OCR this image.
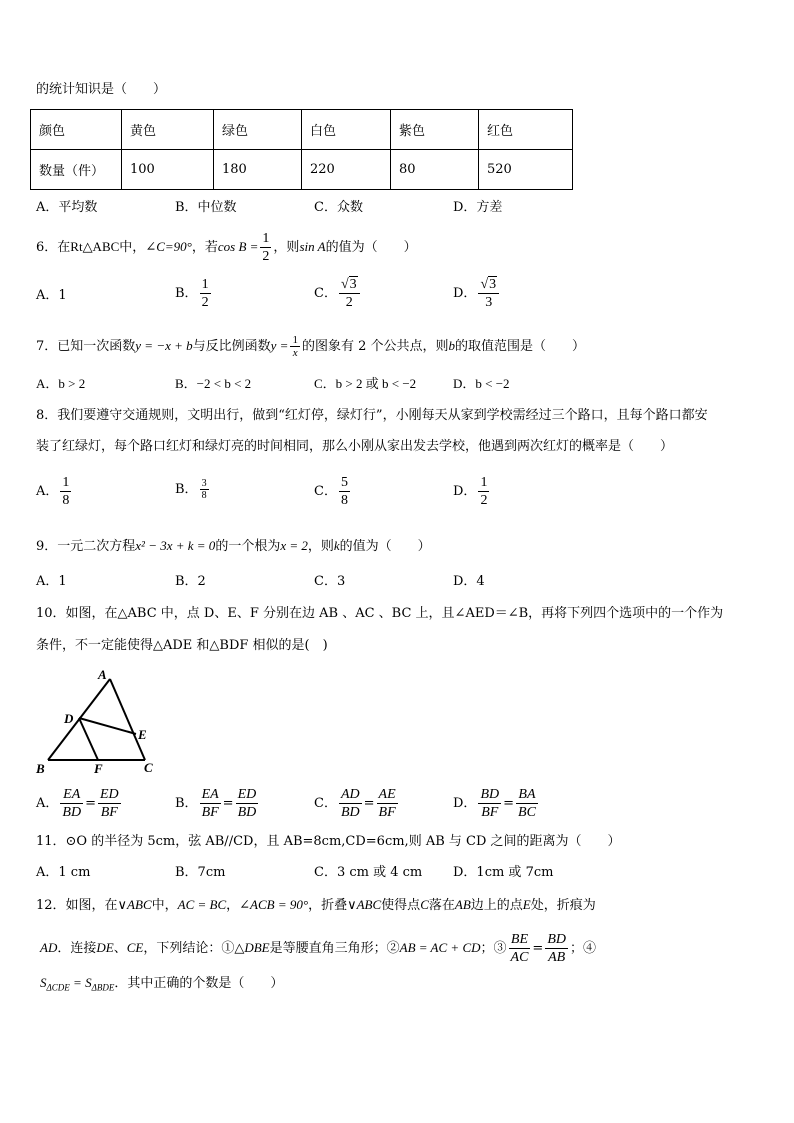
的统计知识是（　　）
颜色	黄色	绿色	白色	紫色	红色
数量（件）	100	180	220	80	520
A．平均数	B．中位数	C．众数	D．方差
6．在Rt△ABC中，∠C=90°，若$\cos B = \frac{1}{2}$ ，则sin A的值为（　　）
A．1	B． $\frac{1}{2}$	C． $\frac{√3}{2}$	D． $\frac{√3}{3}$
7．已知一次函数y = −x + b与反比例函数$y = \frac{1}{x}$ 的图象有 2 个公共点，则b的取值范围是（　　）
A．b > 2	B．−2 < b < 2	C．b > 2 或 b < −2	D．b < −2
8．我们要遵守交通规则，文明出行，做到“红灯停，绿灯行”，小刚每天从家到学校需经过三个路口，且每个路口都安
装了红绿灯，每个路口红灯和绿灯亮的时间相同，那么小刚从家出发去学校，他遇到两次红灯的概率是（　　）
A． $\frac{1}{8}$	B． $\frac{3}{8}$	C． $\frac{5}{8}$	D． $\frac{1}{2}$
9．一元二次方程x² − 3x + k = 0的一个根为x = 2，则k的值为（　　）
A．1	B．2	C．3	D．4
10．如图，在△ABC 中，点 D、E、F 分别在边 AB 、AC 、BC 上，且∠AED＝∠B，再将下列四个选项中的一个作为
条件，不一定能使得△ADE 和△BDF 相似的是(　)
A
D
E
B	F	C
A． $\frac{EA}{BD} = \frac{ED}{BF}$	B． $\frac{EA}{BF} = \frac{ED}{BD}$	C． $\frac{AD}{BD} = \frac{AE}{BF}$	D． $\frac{BD}{BF} = \frac{BA}{BC}$
11．⊙O 的半径为 5cm，弦 AB//CD，且 AB=8cm,CD=6cm,则 AB 与 CD 之间的距离为（　　）
A．1 cm	B．7cm	C．3 cm 或 4 cm D．1cm 或 7cm
12．如图，在∨ABC中，AC = BC，∠ACB = 90°，折叠∨ABC使得点C落在AB边上的点E处，折痕为
AD．连接DE、CE，下列结论：①△DBE是等腰直角三角形；②AB = AC + CD；③ $\frac{BE}{AC} = \frac{BD}{AB}$ ；④
$S_{\Delta CDE} = S_{\Delta BDE}$．其中正确的个数是（　　）
